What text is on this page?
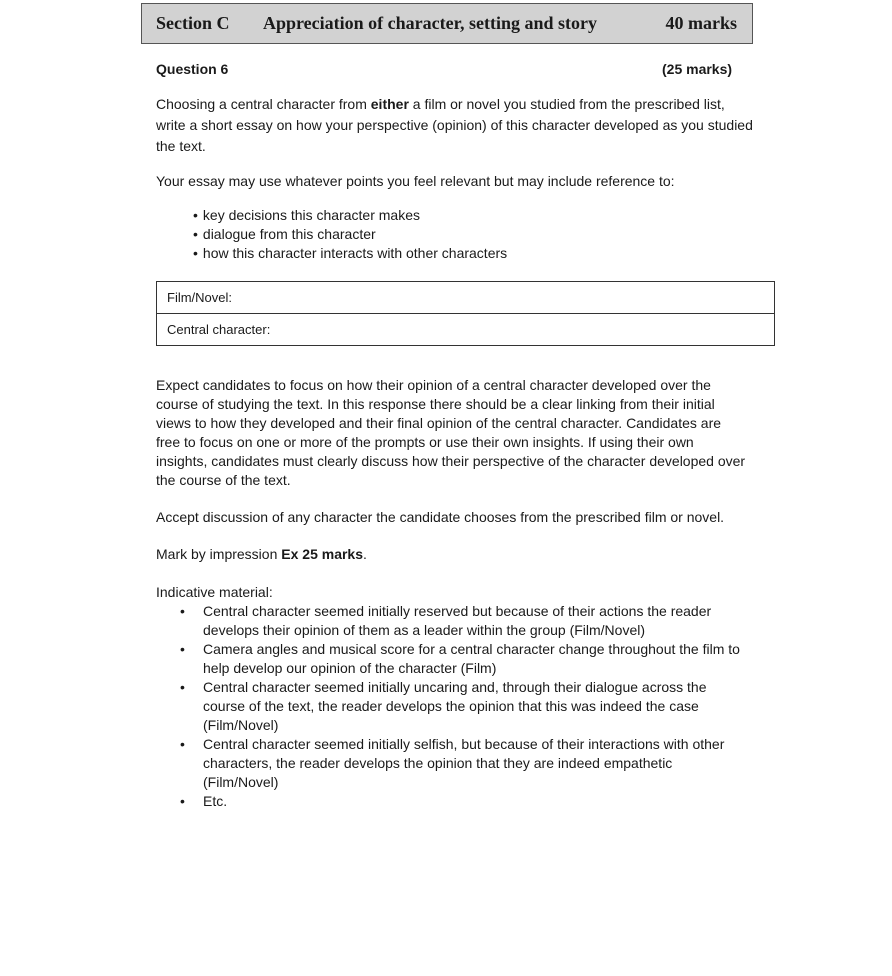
Section C Appreciation of character, setting and story	40 marks
Question 6	(25 marks)
Choosing a central character from either a film or novel you studied from the prescribed list, write a short essay on how your perspective (opinion) of this character developed as you studied the text.
Your essay may use whatever points you feel relevant but may include reference to:
• key decisions this character makes
• dialogue from this character
• how this character interacts with other characters
Film/Novel:
Central character:
Expect candidates to focus on how their opinion of a central character developed over the course of studying the text. In this response there should be a clear linking from their initial views to how they developed and their final opinion of the central character. Candidates are free to focus on one or more of the prompts or use their own insights. If using their own insights, candidates must clearly discuss how their perspective of the character developed over the course of the text.
Accept discussion of any character the candidate chooses from the prescribed film or novel.
Mark by impression Ex 25 marks.
Indicative material:
• Central character seemed initially reserved but because of their actions the reader develops their opinion of them as a leader within the group (Film/Novel)
• Camera angles and musical score for a central character change throughout the film to help develop our opinion of the character (Film)
• Central character seemed initially uncaring and, through their dialogue across the course of the text, the reader develops the opinion that this was indeed the case (Film/Novel)
• Central character seemed initially selfish, but because of their interactions with other characters, the reader develops the opinion that they are indeed empathetic (Film/Novel)
• Etc.
